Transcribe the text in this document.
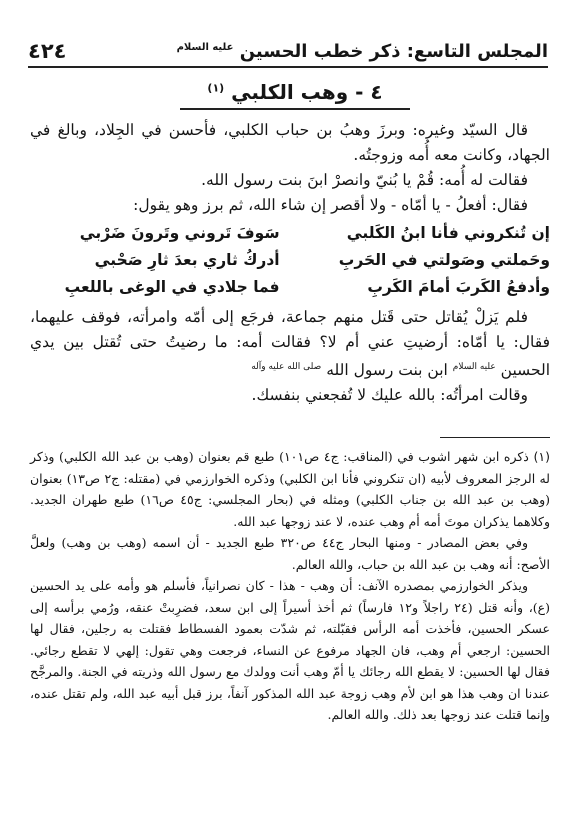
المجلس التاسع: ذكر خطب الحسين $^{عليه السلام}$
٤٢٤
٤ - وهب الكلبي $^{(١)}$

قال السيّد وغيره: وبرزَ وهبُ بن حباب الكلبي، فأحسن في الجِلاد، وبالغ في الجهاد، وكانت معه أُمه وزوجتُه.

فقالت له أُمه: قُمْ يا بُنيّ وانصرْ ابنَ بنت رسول الله.

فقال: أفعلُ - يا أمّاه - ولا أقصر إن شاء الله، ثم برز وهو يقول:

إن تُنكروني فأنا ابنُ الكَلبي
سَوفَ تَروني وتَرونَ ضَرْبي
وحَملتي وصَولتي في الحَربِ
أدركُ ثاري بعدَ ثارِ صَحْبي
وأدفعُ الكَربَ أمامَ الكَربِ
فما جلادي في الوغى باللعبِ

فلم يَزلْ يُقاتل حتى قَتل منهم جماعة، فرجَع إلى أمّه وامرأته، فوقف عليهما، فقال: يا أمّاه: أرضيتِ عني أم لا؟ فقالت أمه: ما رضيتُ حتى تُقتل بين يدي الحسين $^{عليه السلام}$ ابن بنت رسول الله $^{صلى الله عليه وآله}$

وقالت امرأتُه: بالله عليك لا تُفجعني بنفسك.

(١) ذكره ابن شهر اشوب في (المناقب: ج٤ ص١٠١) طبع قم بعنوان (وهب بن عبد الله الكلبي) وذكر له الرجز المعروف لأبيه (ان تنكروني فأنا ابن الكلبي) وذكره الخوارزمي في (مقتله: ج٢ ص١٣) بعنوان (وهب بن عبد الله بن جناب الكلبي) ومثله في (بحار المجلسي: ج٤٥ ص١٦) طبع طهران الجديد. وكلاهما يذكران موتَ أمه أم وهب عنده، لا عند زوجها عبد الله.

وفي بعض المصادر - ومنها البحار ج٤٤ ص٣٢٠ طبع الجديد - أن اسمه (وهب بن وهب) ولعلَّ الأصح: أنه وهب بن عبد الله بن حباب، والله العالم.

ويذكر الخوارزمي بمصدره الآنف: أن وهب - هذا - كان نصرانياً، فأسلم هو وأمه على يد الحسين (ع)، وأنه قتل (٢٤ راجلاً و١٢ فارساً) ثم أخذ أسيراً إلى ابن سعد، فضرِبتْ عنقه، ورُمي برأسه إلى عسكر الحسين، فأخذت أمه الرأس فقبّلته، ثم شدّت بعمود الفسطاط فقتلت به رجلين، فقال لها الحسين: ارجعي أم وهب، فان الجهاد مرفوع عن النساء، فرجعت وهي تقول: إلهي لا تقطع رجائي. فقال لها الحسين: لا يقطع الله رجائك يا أمّ وهب أنت وولدك مع رسول الله وذريته في الجنة. والمرجَّح عندنا ان وهب هذا هو ابن لأم وهب زوجة عبد الله المذكور آنفاً، برز قبل أبيه عبد الله، ولم تقتل عنده، وإنما قتلت عند زوجها بعد ذلك. والله العالم.
